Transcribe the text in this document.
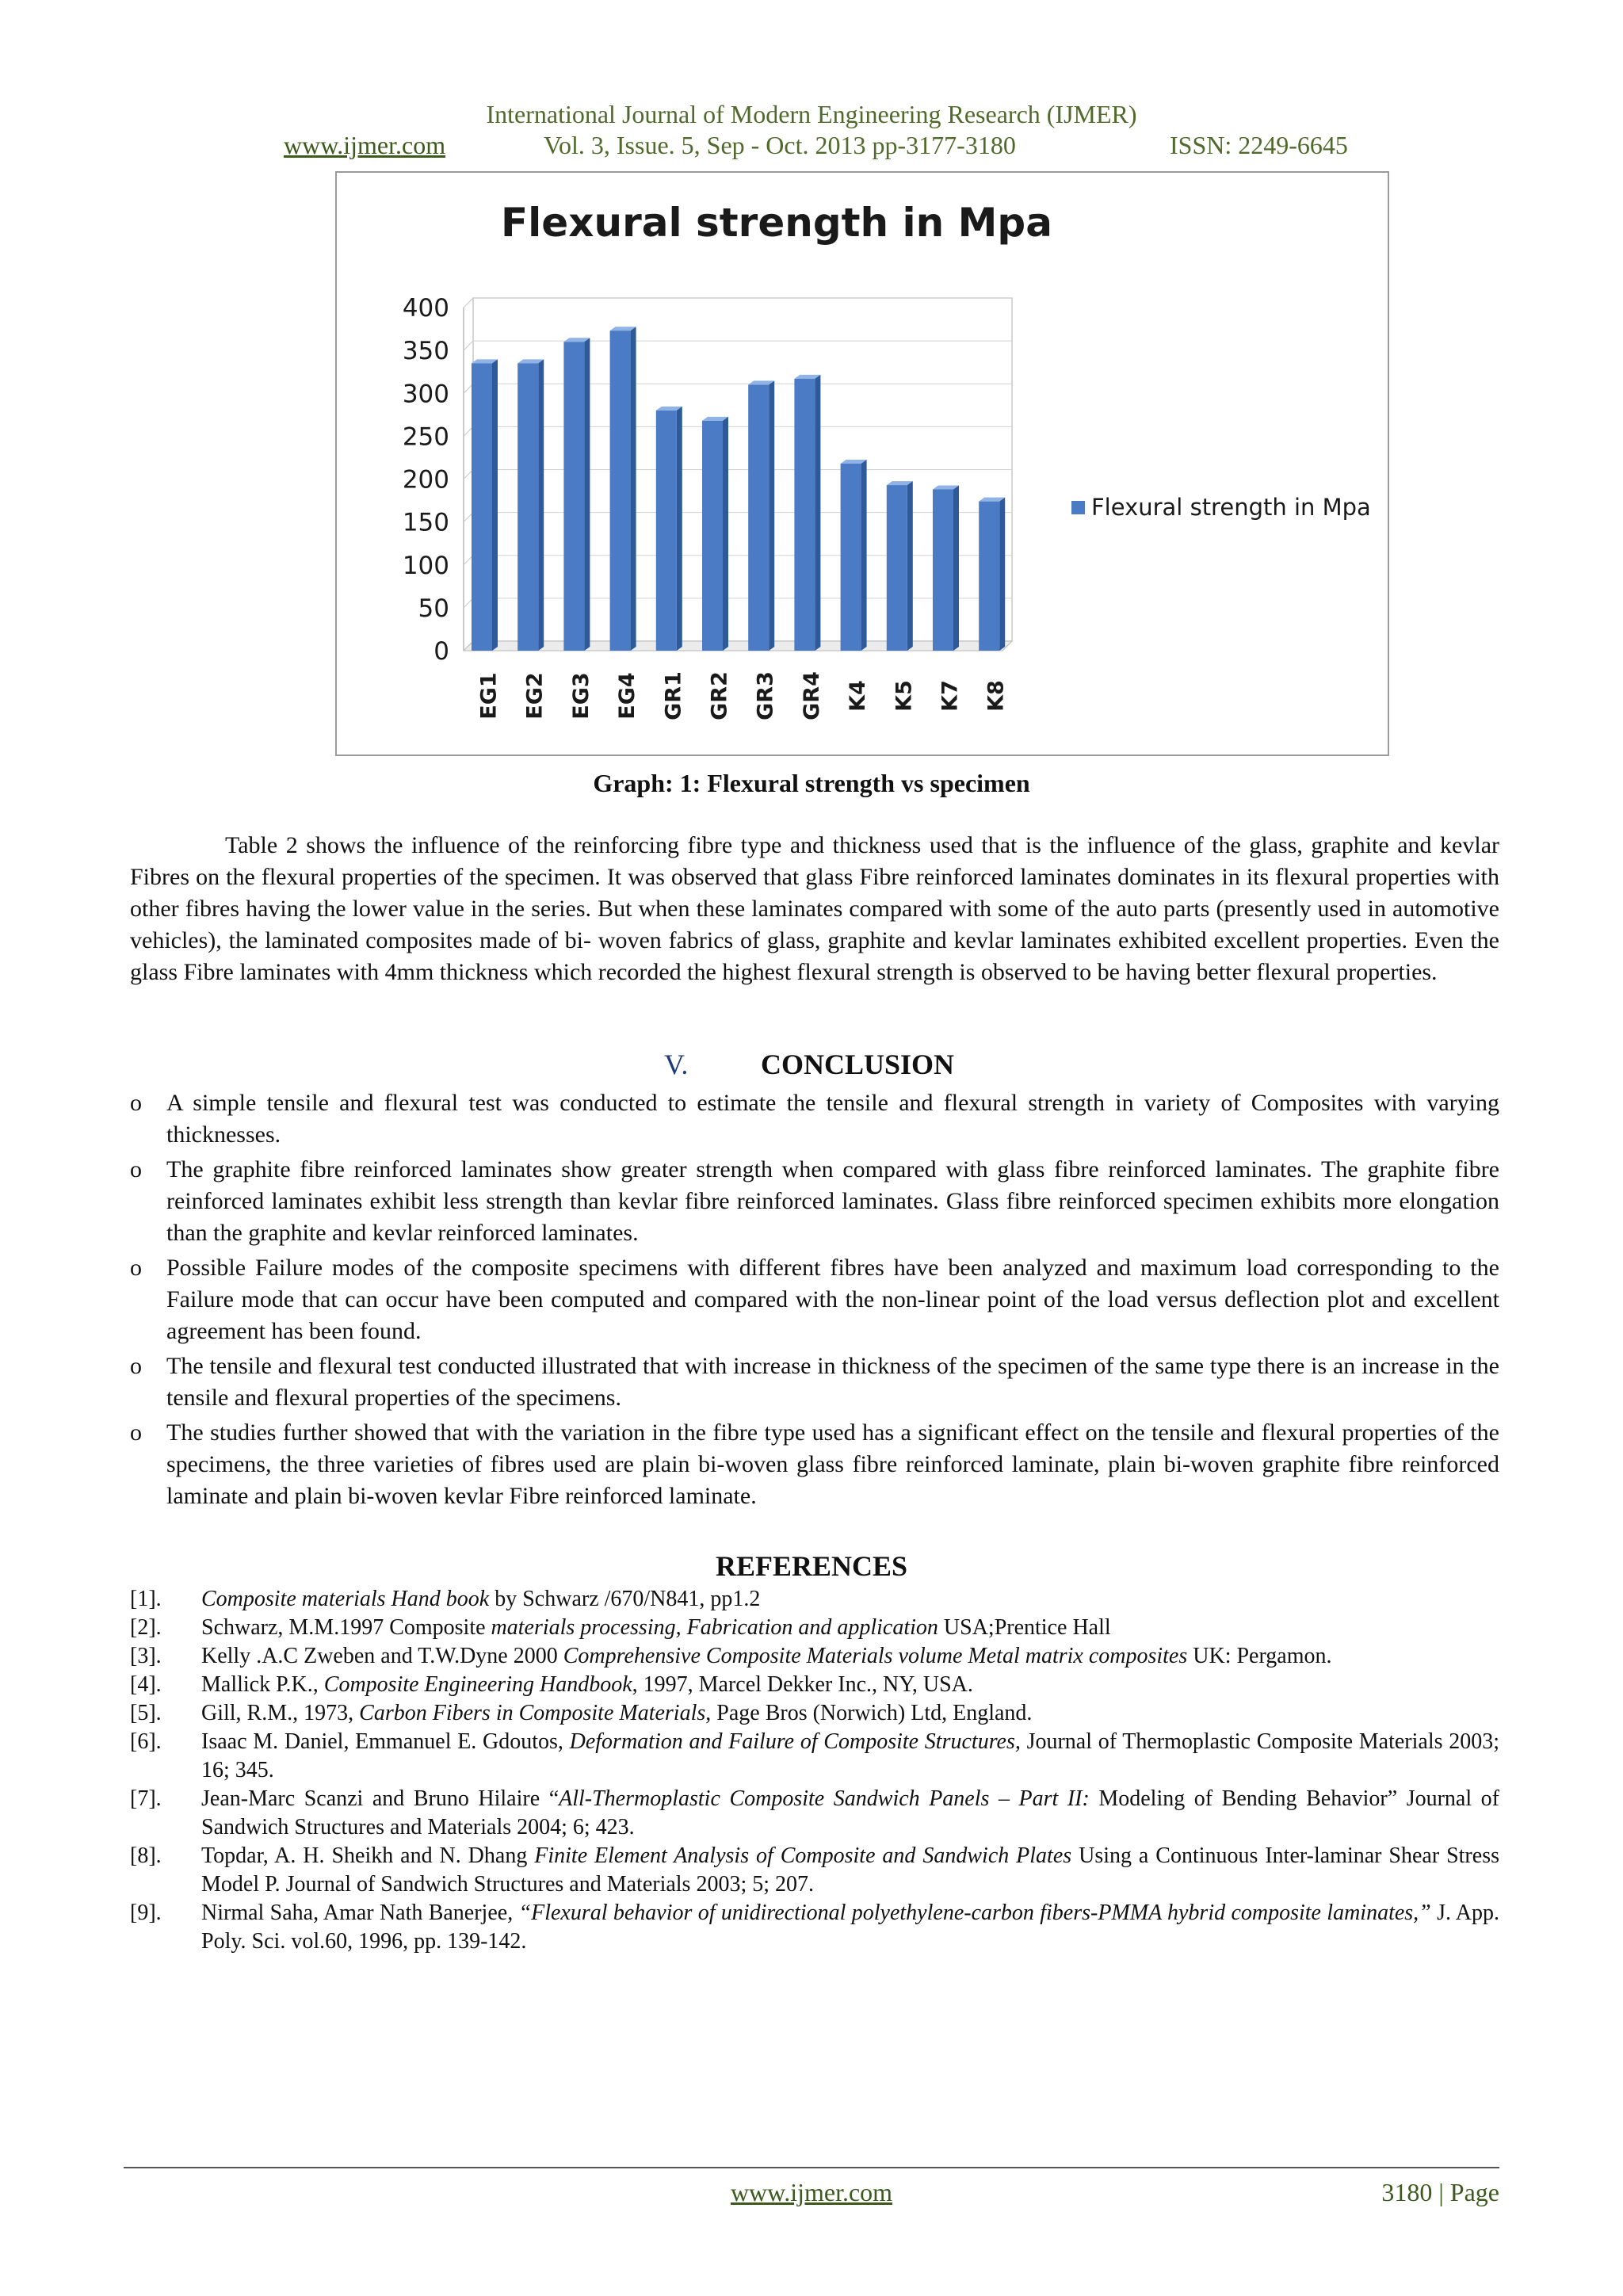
International Journal of Modern Engineering Research (IJMER)
www.ijmer.com	Vol. 3, Issue. 5, Sep - Oct. 2013 pp-3177-3180	ISSN: 2249-6645
Flexural strength in Mpa
0
50
100
150
200
250
300
350
400
EG1 EG2 EG3 EG4 GR1 GR2 GR3 GR4 K4 K5 K7 K8
Flexural strength in Mpa
Graph: 1: Flexural strength vs specimen

Table 2 shows the influence of the reinforcing fibre type and thickness used that is the influence of the glass, graphite and kevlar Fibres on the flexural properties of the specimen. It was observed that glass Fibre reinforced laminates dominates in its flexural properties with other fibres having the lower value in the series. But when these laminates compared with some of the auto parts (presently used in automotive vehicles), the laminated composites made of bi- woven fabrics of glass, graphite and kevlar laminates exhibited excellent properties. Even the glass Fibre laminates with 4mm thickness which recorded the highest flexural strength is observed to be having better flexural properties.

V.	CONCLUSION
o A simple tensile and flexural test was conducted to estimate the tensile and flexural strength in variety of Composites with varying thicknesses.
o The graphite fibre reinforced laminates show greater strength when compared with glass fibre reinforced laminates. The graphite fibre reinforced laminates exhibit less strength than kevlar fibre reinforced laminates. Glass fibre reinforced specimen exhibits more elongation than the graphite and kevlar reinforced laminates.
o Possible Failure modes of the composite specimens with different fibres have been analyzed and maximum load corresponding to the Failure mode that can occur have been computed and compared with the non-linear point of the load versus deflection plot and excellent agreement has been found.
o The tensile and flexural test conducted illustrated that with increase in thickness of the specimen of the same type there is an increase in the tensile and flexural properties of the specimens.
o The studies further showed that with the variation in the fibre type used has a significant effect on the tensile and flexural properties of the specimens, the three varieties of fibres used are plain bi-woven glass fibre reinforced laminate, plain bi-woven graphite fibre reinforced laminate and plain bi-woven kevlar Fibre reinforced laminate.
REFERENCES
[1]. Composite materials Hand book by Schwarz /670/N841, pp1.2
[2]. Schwarz, M.M.1997 Composite materials processing, Fabrication and application USA;Prentice Hall
[3]. Kelly .A.C Zweben and T.W.Dyne 2000 Comprehensive Composite Materials volume Metal matrix composites UK: Pergamon.
[4]. Mallick P.K., Composite Engineering Handbook, 1997, Marcel Dekker Inc., NY, USA.
[5]. Gill, R.M., 1973, Carbon Fibers in Composite Materials, Page Bros (Norwich) Ltd, England.
[6]. Isaac M. Daniel, Emmanuel E. Gdoutos, Deformation and Failure of Composite Structures, Journal of Thermoplastic Composite Materials 2003; 16; 345.
[7]. Jean-Marc Scanzi and Bruno Hilaire “All-Thermoplastic Composite Sandwich Panels – Part II: Modeling of Bending Behavior” Journal of Sandwich Structures and Materials 2004; 6; 423.
[8]. Topdar, A. H. Sheikh and N. Dhang Finite Element Analysis of Composite and Sandwich Plates Using a Continuous Inter-laminar Shear Stress Model P. Journal of Sandwich Structures and Materials 2003; 5; 207.
[9]. Nirmal Saha, Amar Nath Banerjee, “Flexural behavior of unidirectional polyethylene-carbon fibers-PMMA hybrid composite laminates,” J. App. Poly. Sci. vol.60, 1996, pp. 139-142.
www.ijmer.com	3180 | Page
